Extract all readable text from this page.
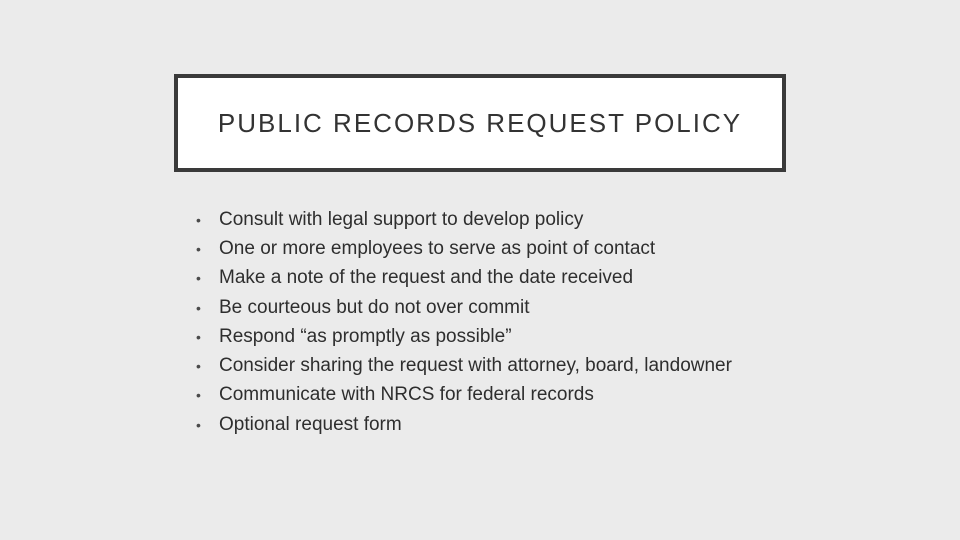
PUBLIC RECORDS REQUEST POLICY
• Consult with legal support to develop policy
• One or more employees to serve as point of contact
• Make a note of the request and the date received
• Be courteous but do not over commit
• Respond “as promptly as possible”
• Consider sharing the request with attorney, board, landowner
• Communicate with NRCS for federal records
• Optional request form
